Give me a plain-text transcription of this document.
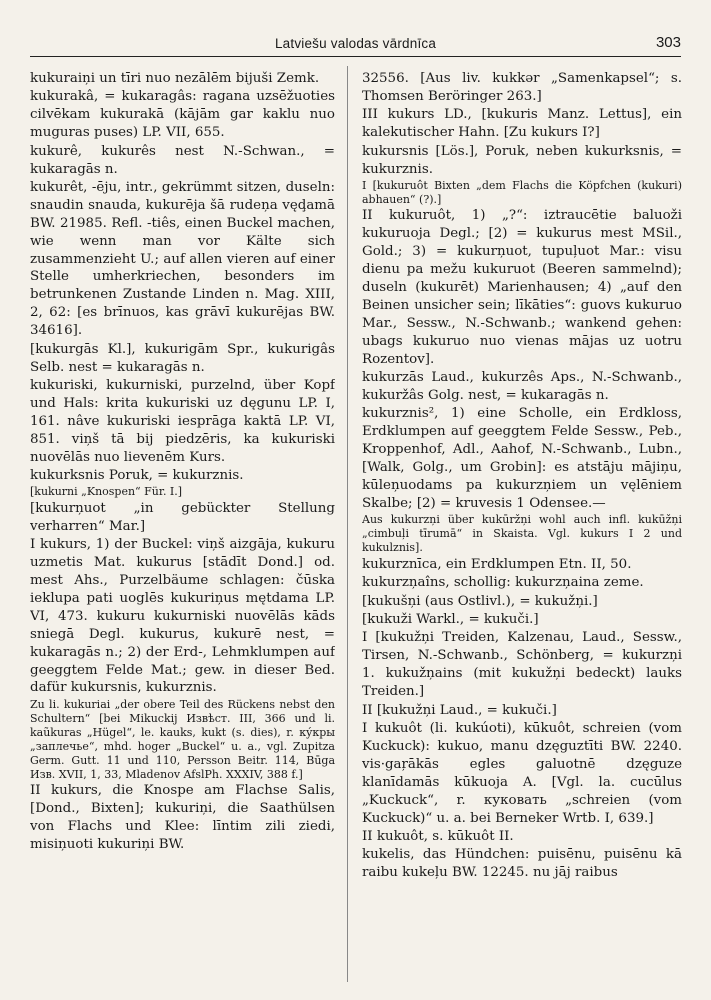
Latviešu valodas vārdnīca	303

kukuraiņi un tīri nuo nezālēm bijuši Zemk.

kukurakâ, = kukaragâs: ragana uzsēžuoties cilvēkam kukurakā (kājām gar kaklu nuo muguras puses) LP. VII, 655.

kukurê, kukurês nest N.-Schwan., = kukaragās n.

kukurêt, -ēju, intr., gekrümmt sitzen, duseln: snaudin snauda, kukurēja šā rudeņa vęḑamā BW. 21985. Refl. -tiês, einen Buckel machen, wie wenn man vor Kälte sich zusammenzieht U.; auf allen vieren auf einer Stelle umherkriechen, besonders im betrunkenen Zustande Linden n. Mag. XIII, 2, 62: [es brīnuos, kas grāvī kukurējas BW. 34616].

[kukurgās Kl.], kukurigām Spr., kukurigâs Selb. nest = kukaragās n.

kukuriski, kukurniski, purzelnd, über Kopf und Hals: krita kukuriski uz dęgunu LP. I, 161. nâve kukuriski iesprāga kaktā LP. VI, 851. viņš tā bij piedzēris, ka kukuriski nuovēlās nuo lievenēm Kurs.

kukurksnis Poruk, = kukurznis.

[kukurni „Knospen“ Für. I.]

[kukurņuot „in gebückter Stellung verharren“ Mar.]

I kukurs, 1) der Buckel: viņš aizgāja, kukuru uzmetis Mat. kukurus [stādīt Dond.] od. mest Ahs., Purzelbäume schlagen: čūska ieklupa pati uoglēs kukuriņus mętdama LP. VI, 473. kukuru kukurniski nuovēlās kāds sniegā Degl. kukurus, kukurē nest, = kukaragās n.; 2) der Erd-, Lehmklumpen auf geeggtem Felde Mat.; gew. in dieser Bed. dafür kukursnis, kukurznis.

Zu li. kukuriai „der obere Teil des Rückens nebst den Schultern“ [bei Mikuckij Извѣст. III, 366 und li. kaũkuras „Hügel“, le. kauks, kukt (s. dies), r. кýкры „заплечье“, mhd. hoger „Buckel“ u. a., vgl. Zupitza Germ. Gutt. 11 und 110, Persson Beitr. 114, Būga Изв. XVII, 1, 33, Mladenov AfslPh. XXXIV, 388 f.]

II kukurs, die Knospe am Flachse Salis, [Dond., Bixten]; kukuriņi, die Saathülsen von Flachs und Klee: līntim zili ziedi, misiņuoti kukuriņi BW.

32556. [Aus liv. kukkər „Samenkapsel“; s. Thomsen Beröringer 263.]

III kukurs LD., [kukuris Manz. Lettus], ein kalekutischer Hahn. [Zu kukurs I?]

kukursnis [Lös.], Poruk, neben kukurksnis, = kukurznis.

I [kukuruôt Bixten „dem Flachs die Köpfchen (kukuri) abhauen“ (?).]

II kukuruôt, 1) „?“: iztraucētie baluoži kukuruoja Degl.; [2) = kukurus mest MSil., Gold.; 3) = kukurņuot, tupuļuot Mar.: visu dienu pa mežu kukuruot (Beeren sammelnd); duseln (kukurēt) Marienhausen; 4) „auf den Beinen unsicher sein; līkāties“: guovs kukuruo Mar., Sessw., N.-Schwanb.; wankend gehen: ubags kukuruo nuo vienas mājas uz uotru Rozentov].

kukurzās Laud., kukurzês Aps., N.-Schwanb., kukuržâs Golg. nest, = kukaragās n.

kukurznis², 1) eine Scholle, ein Erdkloss, Erdklumpen auf geeggtem Felde Sessw., Peb., Kroppenhof, Adl., Aahof, N.-Schwanb., Lubn., [Walk, Golg., um Grobin]: es atstāju mājiņu, kūleņuodams pa kukurzņiem un vęlēniem Skalbe; [2) = kruvesis 1 Odensee.—

Aus kukurzņi über kukūržņi wohl auch infl. kukūžņi „cimbuļi tīrumā“ in Skaista. Vgl. kukurs I 2 und kukulznis].

kukurznīca, ein Erdklumpen Etn. II, 50.

kukurzņaîns, schollig: kukurzņaina zeme.

[kukušņi (aus Ostlivl.), = kukužņi.]

[kukuži Warkl., = kukuči.]

I [kukužņi Treiden, Kalzenau, Laud., Sessw., Tirsen, N.-Schwanb., Schönberg, = kukurzņi 1. kukužņains (mit kukužņi bedeckt) lauks Treiden.]

II [kukužņi Laud., = kukuči.]

I kukuôt (li. kukúoti), kūkuôt, schreien (vom Kuckuck): kukuo, manu dzęguztīti BW. 2240. vis·gaŗākās egles galuotnē dzęguze klanīdamās kūkuoja A. [Vgl. la. cucūlus „Kuckuck“, r. куковать „schreien (vom Kuckuck)“ u. a. bei Berneker Wrtb. I, 639.]

II kukuôt, s. kūkuôt II.

kukelis, das Hündchen: puisēnu, puisēnu kā raibu kukeļu BW. 12245. nu jāj raibus
